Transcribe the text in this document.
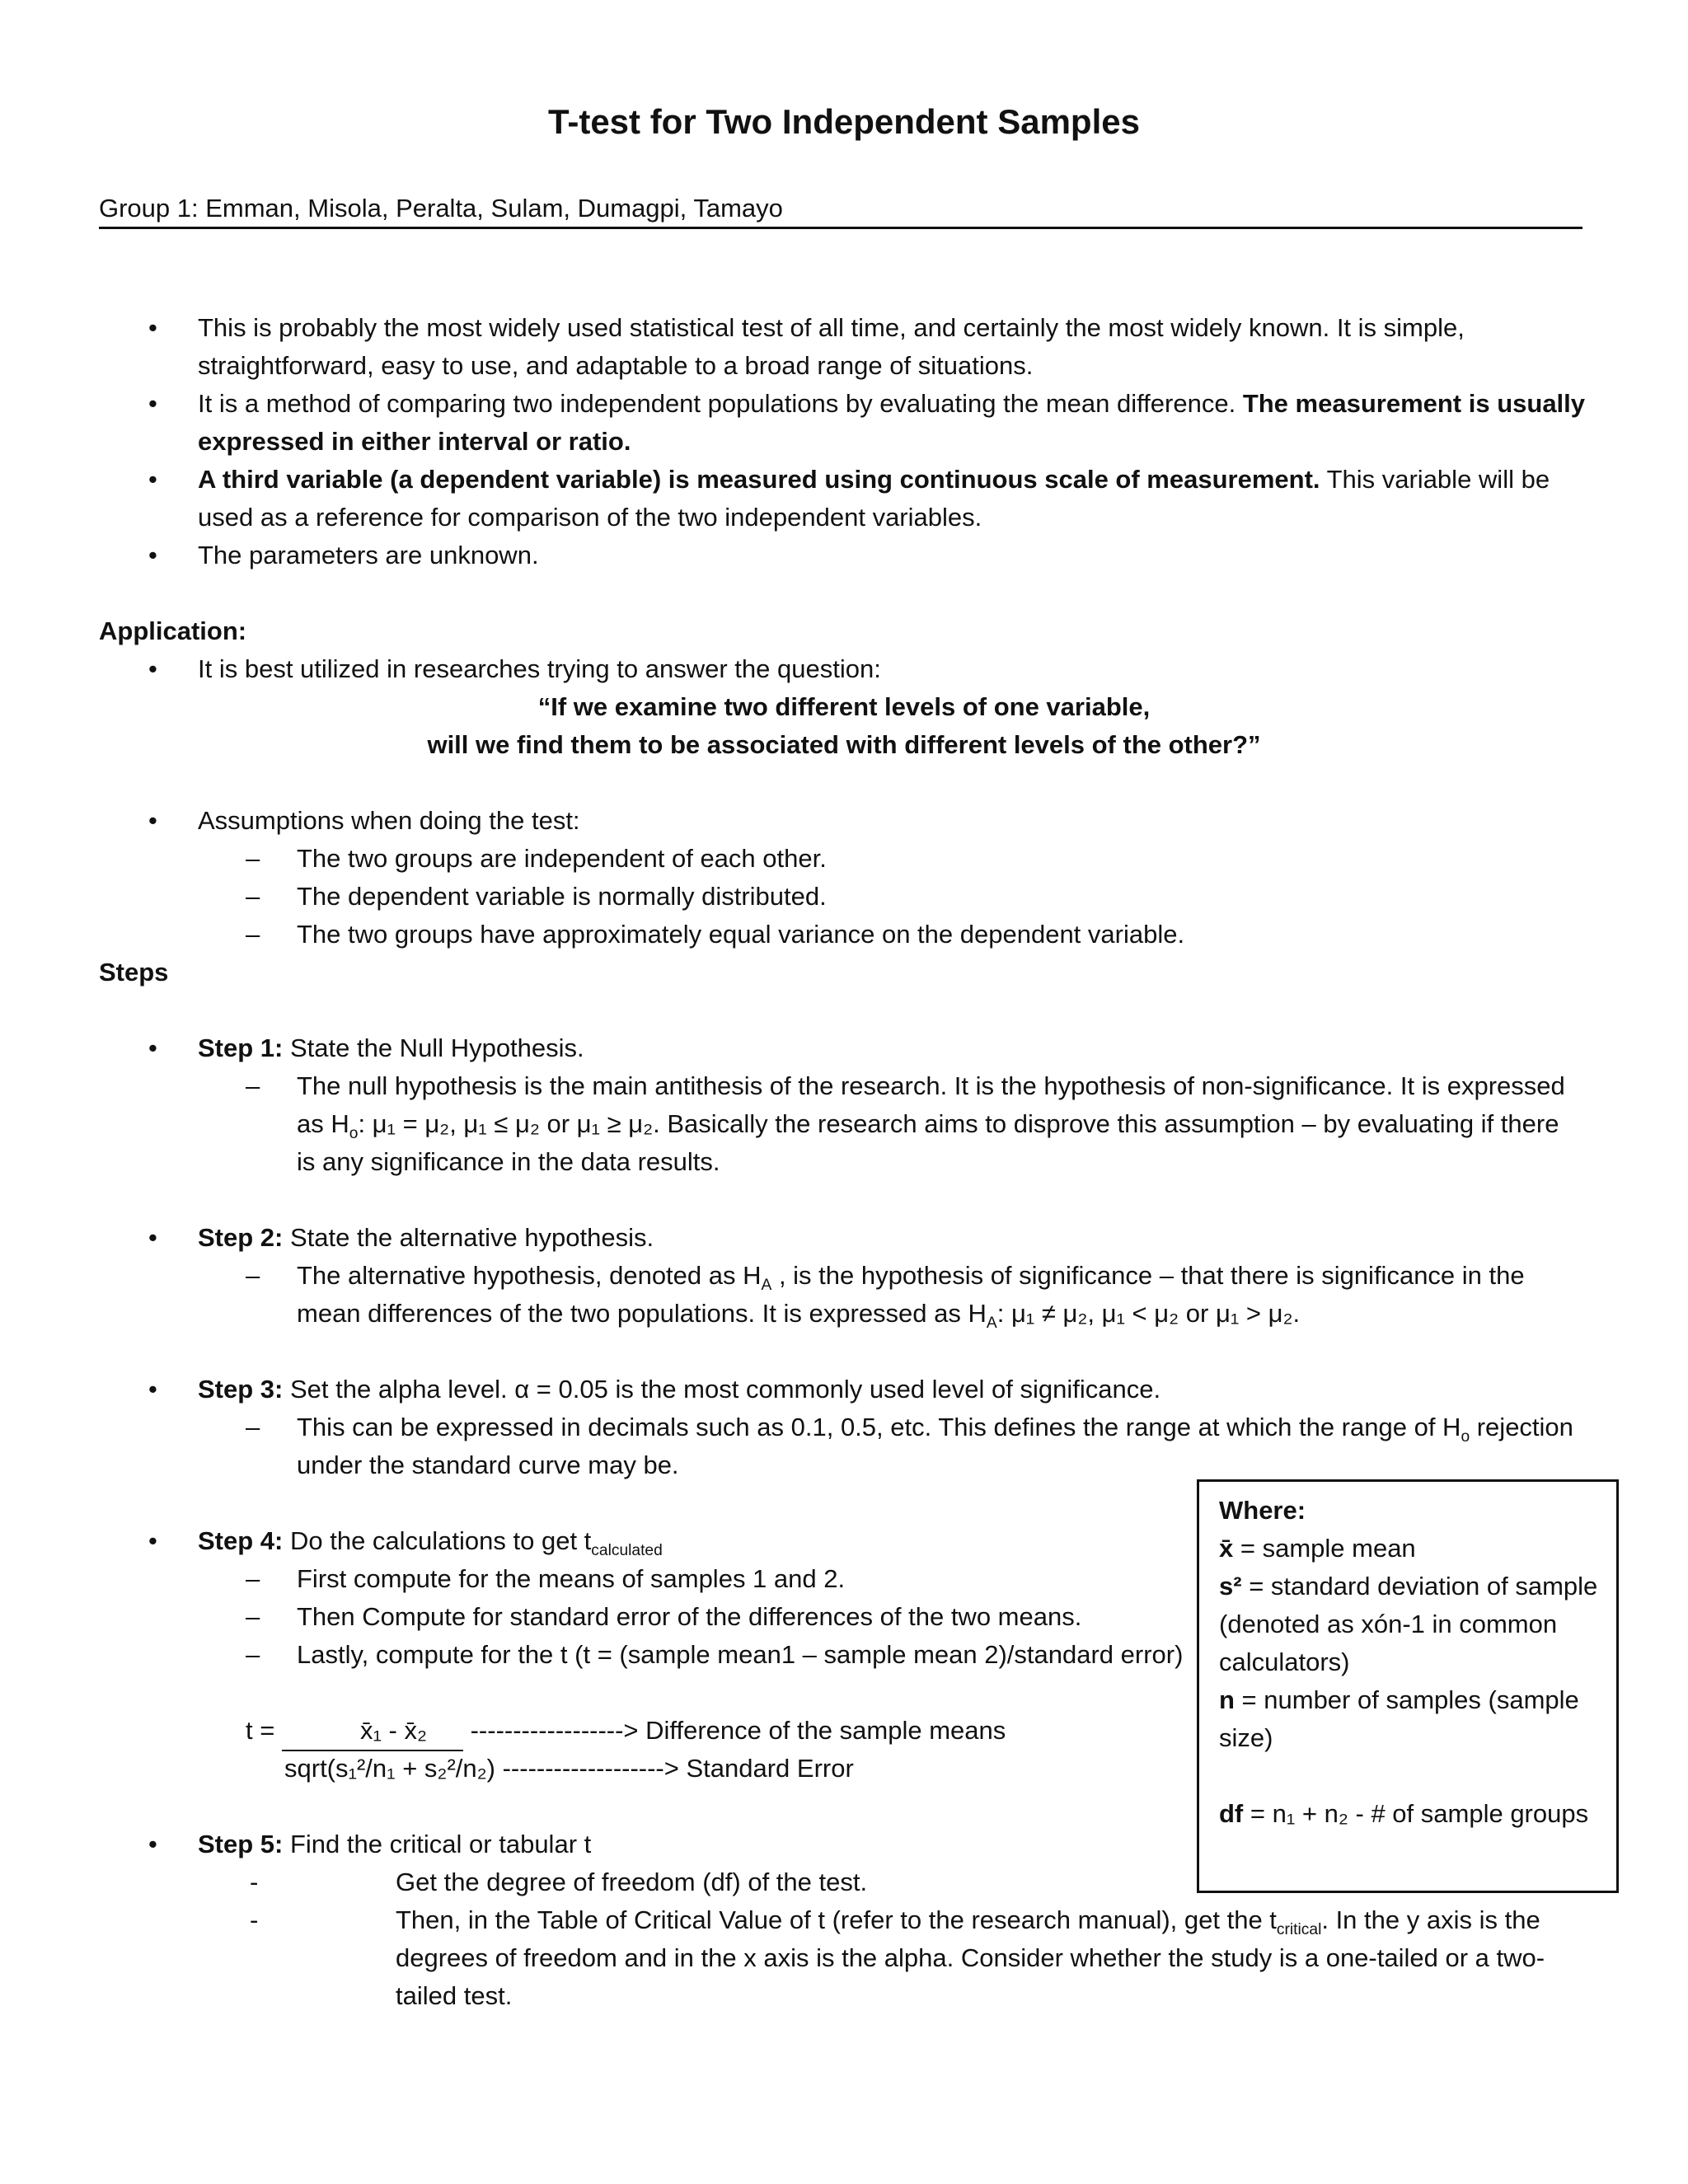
T-test for Two Independent Samples
Group 1: Emman, Misola, Peralta, Sulam, Dumagpi, Tamayo
• This is probably the most widely used statistical test of all time, and certainly the most widely known. It is simple, straightforward, easy to use, and adaptable to a broad range of situations.
• It is a method of comparing two independent populations by evaluating the mean difference. The measurement is usually expressed in either interval or ratio.
• A third variable (a dependent variable) is measured using continuous scale of measurement. This variable will be used as a reference for comparison of the two independent variables.
• The parameters are unknown.
Application:
• It is best utilized in researches trying to answer the question:
“If we examine two different levels of one variable,
will we find them to be associated with different levels of the other?”
• Assumptions when doing the test:
– The two groups are independent of each other.
– The dependent variable is normally distributed.
– The two groups have approximately equal variance on the dependent variable.
Steps
• Step 1: State the Null Hypothesis.
– The null hypothesis is the main antithesis of the research. It is the hypothesis of non-significance. It is expressed as $H_o$: μ₁ = μ₂, μ₁ ≤ μ₂ or μ₁ ≥ μ₂. Basically the research aims to disprove this assumption – by evaluating if there is any significance in the data results.
• Step 2: State the alternative hypothesis.
– The alternative hypothesis, denoted as $H_A$ , is the hypothesis of significance – that there is significance in the mean differences of the two populations. It is expressed as $H_A$: μ₁ ≠ μ₂, μ₁ < μ₂ or μ₁ > μ₂.
• Step 3: Set the alpha level. α = 0.05 is the most commonly used level of significance.
– This can be expressed in decimals such as 0.1, 0.5, etc. This defines the range at which the range of $H_o$ rejection under the standard curve may be.
• Step 4: Do the calculations to get $t_{calculated}$
– First compute for the means of samples 1 and 2.
– Then Compute for standard error of the differences of the two means.
– Lastly, compute for the t (t = (sample mean1 – sample mean 2)/standard error)
t =	x̄₁ - x̄₂ ------------------> Difference of the sample means
sqrt(s₁²/n₁ + s₂²/n₂) -------------------> Standard Error
• Step 5: Find the critical or tabular t
-	Get the degree of freedom (df) of the test.
-	Then, in the Table of Critical Value of t (refer to the research manual), get the $t_{critical}$. In the y axis is the degrees of freedom and in the x axis is the alpha. Consider whether the study is a one-tailed or a two-tailed test.

Where:

x̄ = sample mean

s² = standard deviation of sample (denoted as xón-1 in common calculators)

n = number of samples (sample size)

df = n₁ + n₂ - # of sample groups
